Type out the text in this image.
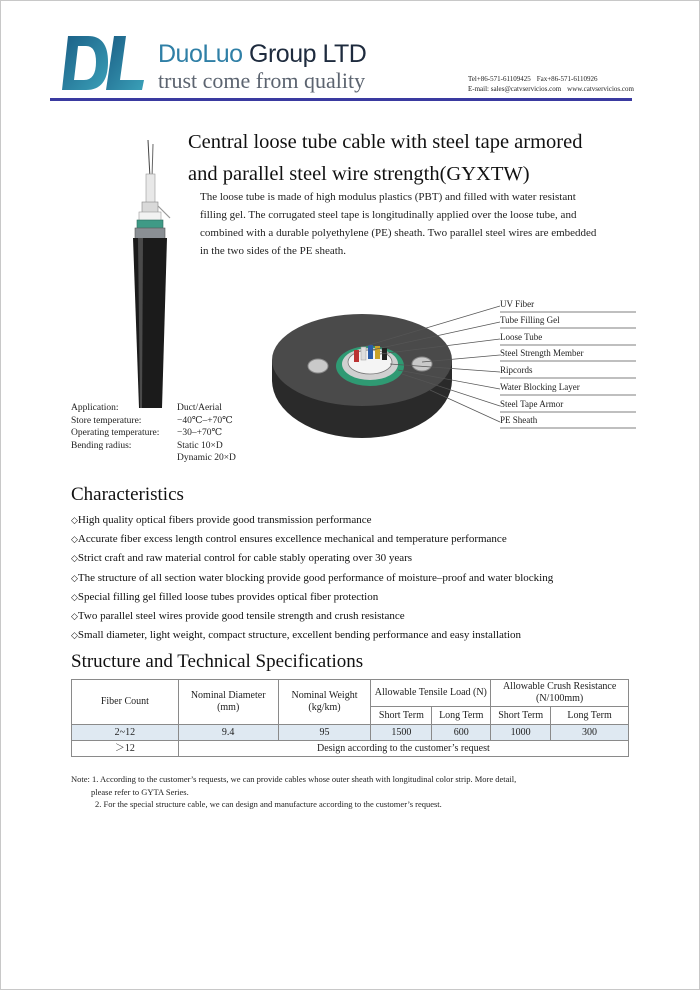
DuoLuo Group LTD
trust come from quality	Tel+86-571-61109425 Fax+86-571-6110926
E-mail: sales@catvservicios.com www.catvservicios.com
Central loose tube cable with steel tape armored
and parallel steel wire strength(GYXTW)
The loose tube is made of high modulus plastics (PBT) and filled with water resistant filling gel. The corrugated steel tape is longitudinally applied over the loose tube, and combined with a durable polyethylene (PE) sheath. Two parallel steel wires are embedded in the two sides of the PE sheath.
UV Fiber
Tube Filling Gel
Loose Tube
Steel Strength Member
Ripcords
Water Blocking Layer
Steel Tape Armor
PE Sheath
Application:	Duct/Aerial
Store temperature:	−40℃–+70℃
Operating temperature:	−30–+70℃
Bending radius:	Static 10×D
Dynamic 20×D
Characteristics
◇High quality optical fibers provide good transmission performance
◇Accurate fiber excess length control ensures excellence mechanical and temperature performance
◇Strict craft and raw material control for cable stably operating over 30 years
◇The structure of all section water blocking provide good performance of moisture–proof and water blocking
◇Special filling gel filled loose tubes provides optical fiber protection
◇Two parallel steel wires provide good tensile strength and crush resistance
◇Small diameter, light weight, compact structure, excellent bending performance and easy installation
Structure and Technical Specifications
Fiber Count	Nominal Diameter (mm)	Nominal Weight (kg/km)	Allowable Tensile Load (N)		Allowable Crush Resistance (N/100mm)	
			Short Term	Long Term	Short Term	Long Term
2~12	9.4	95	1500	600	1000	300
＞12	Design according to the customer’s request					
Note: 1. According to the customer’s requests, we can provide cables whose outer sheath with longitudinal color strip. More detail,
please refer to GYTA Series.
2. For the special structure cable, we can design and manufacture according to the customer’s request.
